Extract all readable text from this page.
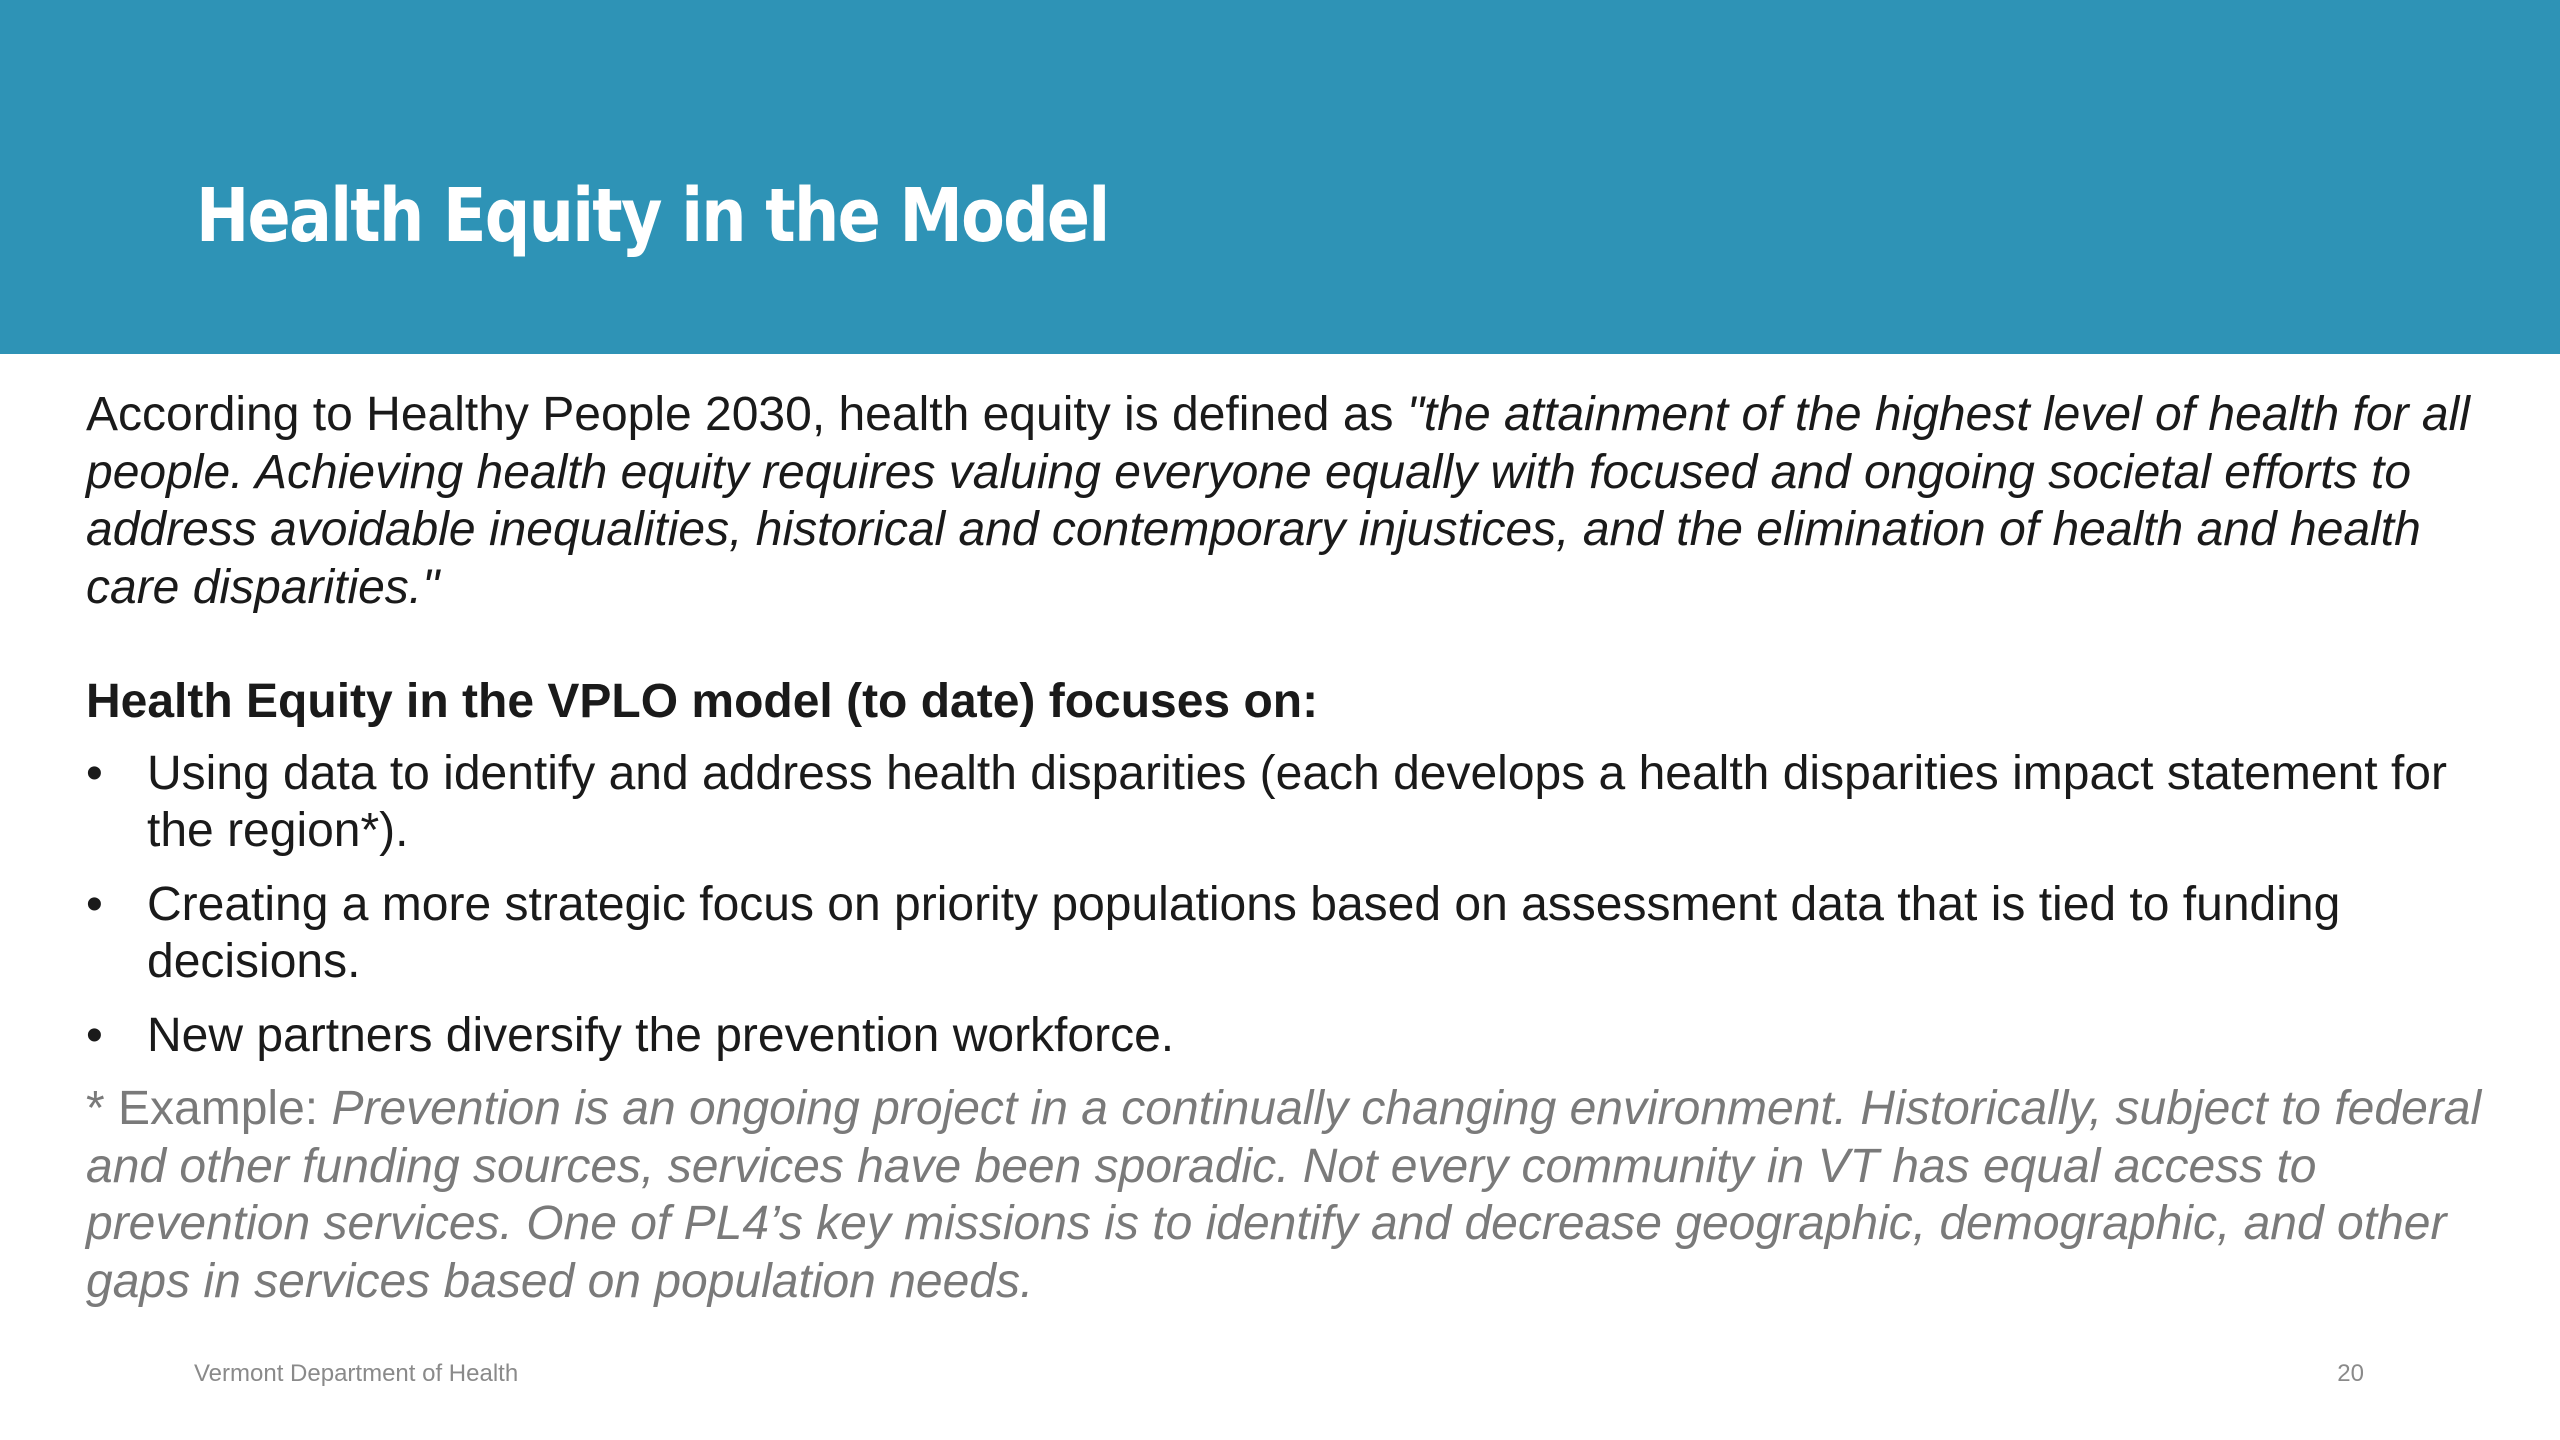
Health Equity in the Model

According to Healthy People 2030, health equity is defined as "the attainment of the highest level of health for all people. Achieving health equity requires valuing everyone equally with focused and ongoing societal efforts to address avoidable inequalities, historical and contemporary injustices, and the elimination of health and health care disparities."

Health Equity in the VPLO model (to date) focuses on:

• Using data to identify and address health disparities (each develops a health disparities impact statement for the region*).
• Creating a more strategic focus on priority populations based on assessment data that is tied to funding decisions.
• New partners diversify the prevention workforce.

* Example: Prevention is an ongoing project in a continually changing environment. Historically, subject to federal and other funding sources, services have been sporadic. Not every community in VT has equal access to prevention services. One of PL4’s key missions is to identify and decrease geographic, demographic, and other gaps in services based on population needs.

Vermont Department of Health	20
